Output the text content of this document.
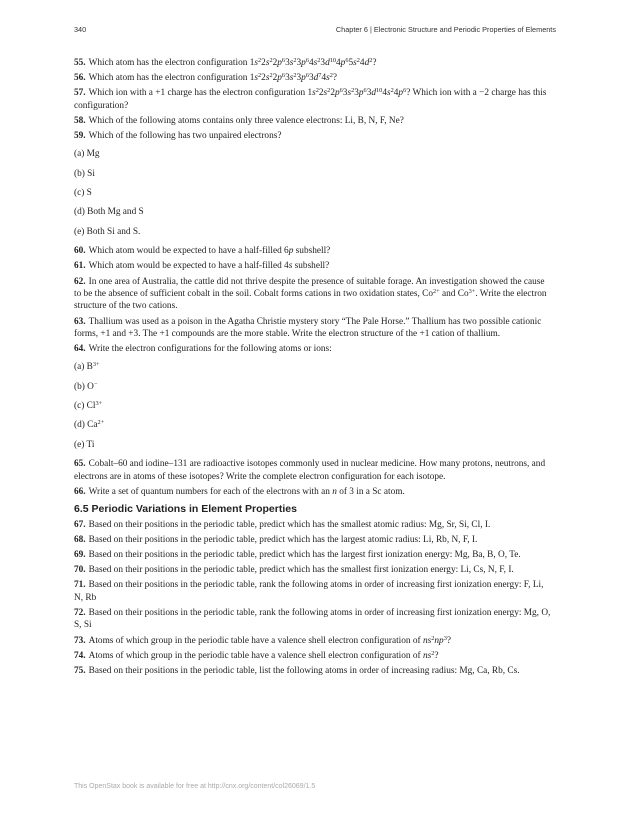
340	Chapter 6 | Electronic Structure and Periodic Properties of Elements
55. Which atom has the electron configuration $1s^22s^22p^63s^23p^64s^23d^{10}4p^65s^24d^2$?
56. Which atom has the electron configuration $1s^22s^22p^63s^23p^63d^74s^2$?
57. Which ion with a +1 charge has the electron configuration $1s^22s^22p^63s^23p^63d^{10}4s^24p^6$? Which ion with a −2 charge has this configuration?
58. Which of the following atoms contains only three valence electrons: Li, B, N, F, Ne?
59. Which of the following has two unpaired electrons?
(a) Mg
(b) Si
(c) S
(d) Both Mg and S
(e) Both Si and S.
60. Which atom would be expected to have a half-filled 6p subshell?
61. Which atom would be expected to have a half-filled 4s subshell?
62. In one area of Australia, the cattle did not thrive despite the presence of suitable forage. An investigation showed the cause to be the absence of sufficient cobalt in the soil. Cobalt forms cations in two oxidation states, $Co^{2+}$ and $Co^{3+}$. Write the electron structure of the two cations.
63. Thallium was used as a poison in the Agatha Christie mystery story “The Pale Horse.” Thallium has two possible cationic forms, +1 and +3. The +1 compounds are the more stable. Write the electron structure of the +1 cation of thallium.
64. Write the electron configurations for the following atoms or ions:
(a) $B^{3+}$
(b) O−
(c) $Cl^{3+}$
(d) $Ca^{2+}$
(e) Ti
65. Cobalt–60 and iodine–131 are radioactive isotopes commonly used in nuclear medicine. How many protons, neutrons, and electrons are in atoms of these isotopes? Write the complete electron configuration for each isotope.
66. Write a set of quantum numbers for each of the electrons with an n of 3 in a Sc atom.
6.5 Periodic Variations in Element Properties
67. Based on their positions in the periodic table, predict which has the smallest atomic radius: Mg, Sr, Si, Cl, I.
68. Based on their positions in the periodic table, predict which has the largest atomic radius: Li, Rb, N, F, I.
69. Based on their positions in the periodic table, predict which has the largest first ionization energy: Mg, Ba, B, O, Te.
70. Based on their positions in the periodic table, predict which has the smallest first ionization energy: Li, Cs, N, F, I.
71. Based on their positions in the periodic table, rank the following atoms in order of increasing first ionization energy: F, Li, N, Rb
72. Based on their positions in the periodic table, rank the following atoms in order of increasing first ionization energy: Mg, O, S, Si
73. Atoms of which group in the periodic table have a valence shell electron configuration of $ns^2np^3$?
74. Atoms of which group in the periodic table have a valence shell electron configuration of $ns^2$?
75. Based on their positions in the periodic table, list the following atoms in order of increasing radius: Mg, Ca, Rb, Cs.
This OpenStax book is available for free at http://cnx.org/content/col26069/1.5
